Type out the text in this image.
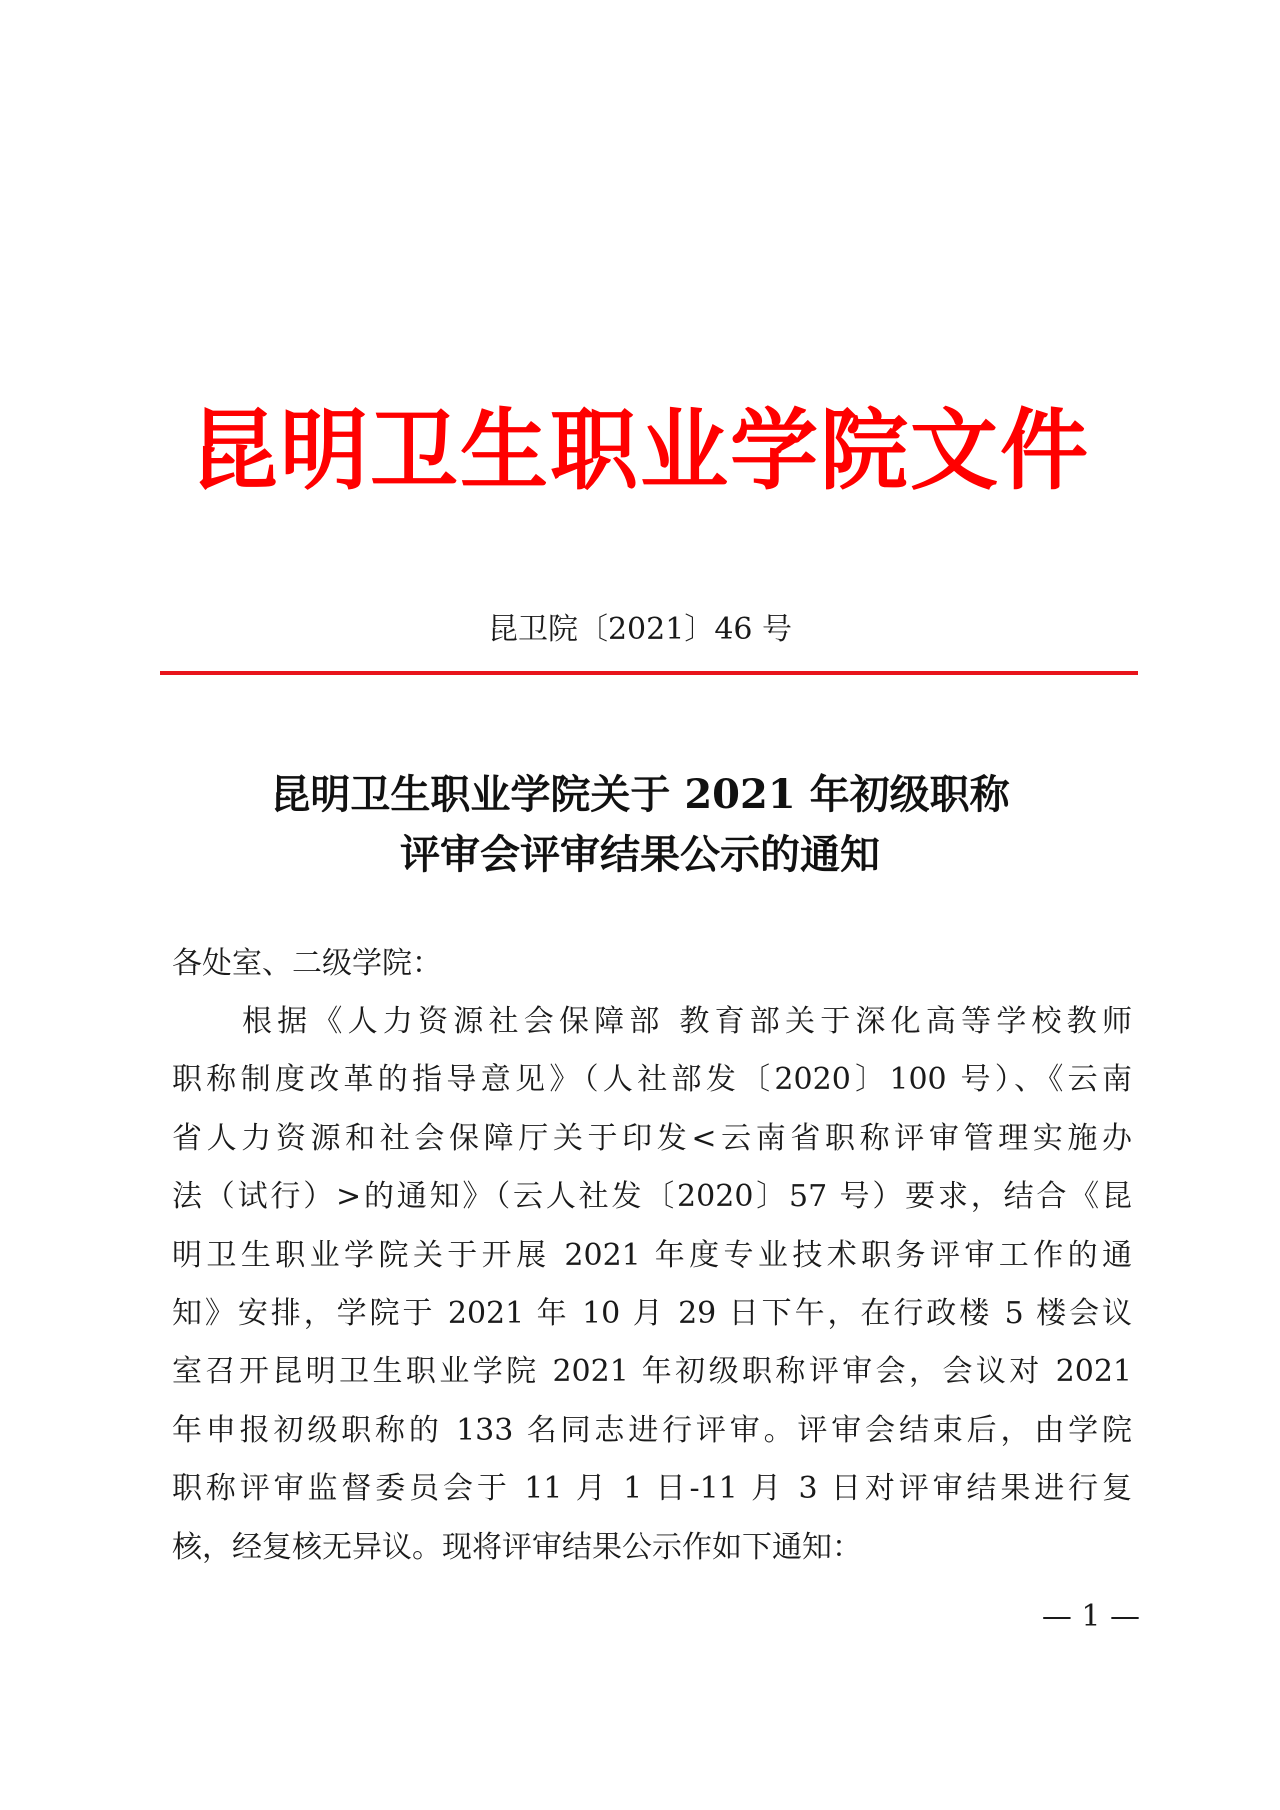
昆明卫生职业学院文件
昆卫院〔2021〕46 号
昆明卫生职业学院关于 2021 年初级职称
评审会评审结果公示的通知
各处室、二级学院：
根据《人力资源社会保障部 教育部关于深化高等学校教师
职称制度改革的指导意见》（人社部发〔2020〕100 号）、《云南
省人力资源和社会保障厅关于印发<云南省职称评审管理实施办
法（试行）>的通知》（云人社发〔2020〕57 号）要求，结合《昆
明卫生职业学院关于开展 2021 年度专业技术职务评审工作的通
知》安排，学院于 2021 年 10 月 29 日下午，在行政楼 5 楼会议
室召开昆明卫生职业学院 2021 年初级职称评审会，会议对 2021
年申报初级职称的 133 名同志进行评审。评审会结束后，由学院
职称评审监督委员会于 11 月 1 日-11 月 3 日对评审结果进行复
核，经复核无异议。现将评审结果公示作如下通知：
— 1 —
